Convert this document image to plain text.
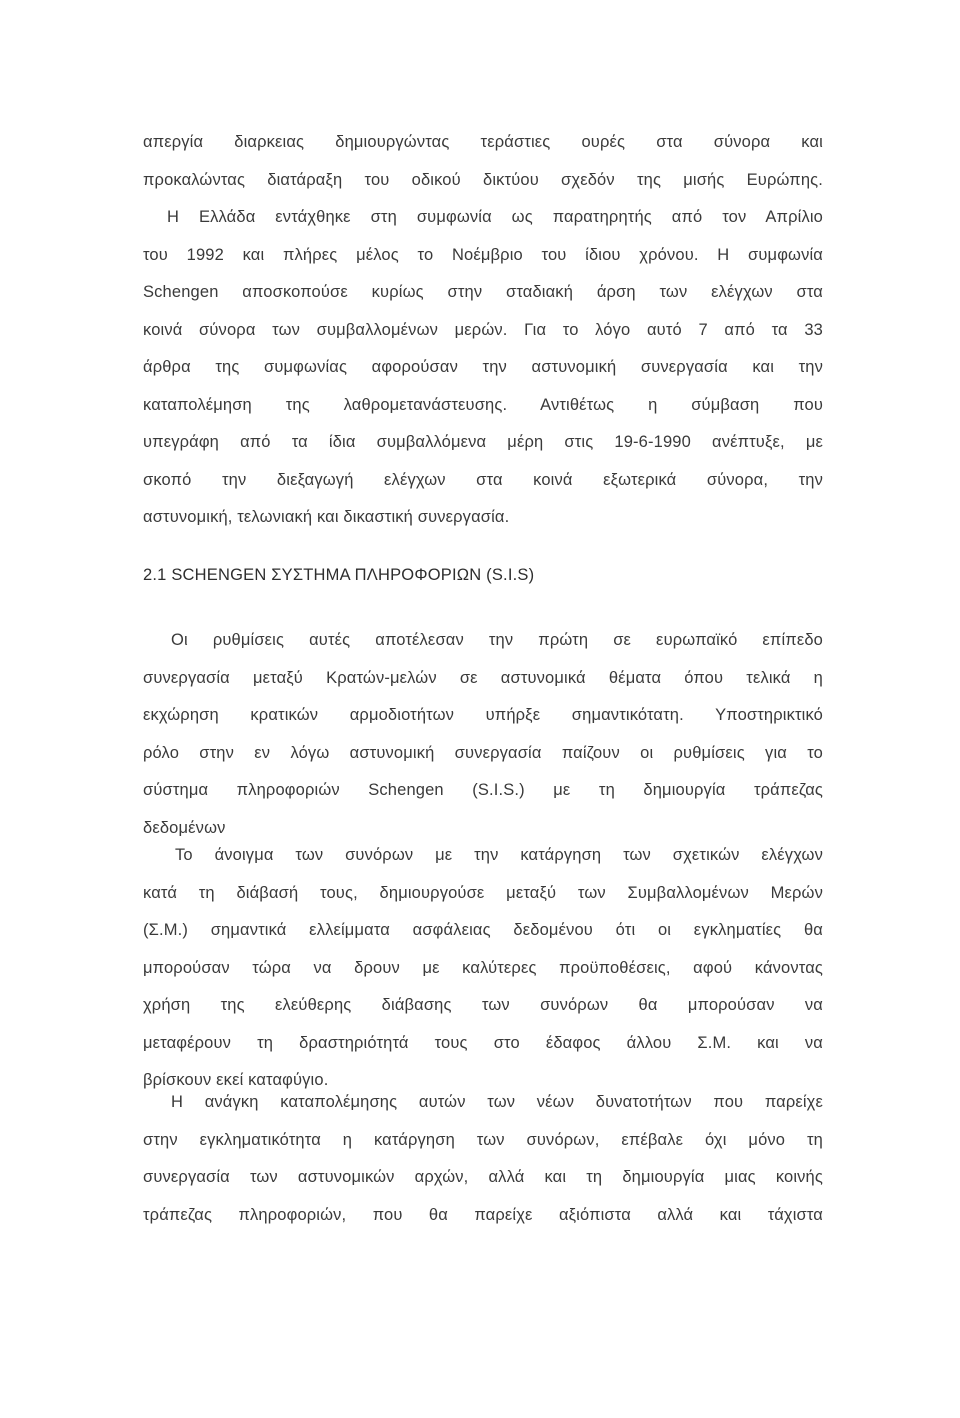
απεργία διαρκειας δημιουργώντας τεράστιες ουρές στα σύνορα και
προκαλώντας διατάραξη του οδικού δικτύου σχεδόν της μισής Ευρώπης.
Η Ελλάδα εντάχθηκε στη συμφωνία ως παρατηρητής από τον Απρίλιο
του 1992 και πλήρες μέλος το Νοέμβριο του ίδιου χρόνου. Η συμφωνία
Schengen αποσκοπούσε κυρίως στην σταδιακή άρση των ελέγχων στα
κοινά σύνορα των συμβαλλομένων μερών. Για το λόγο αυτό 7 από τα 33
άρθρα της συμφωνίας αφορούσαν την αστυνομική συνεργασία και την
καταπολέμηση της λαθρομετανάστευσης. Αντιθέτως η σύμβαση που
υπεγράφη από τα ίδια συμβαλλόμενα μέρη στις 19-6-1990 ανέπτυξε, με
σκοπό την διεξαγωγή ελέγχων στα κοινά εξωτερικά σύνορα, την
αστυνομική, τελωνιακή και δικαστική συνεργασία.
2.1 SCHENGEN ΣΥΣΤΗΜΑ ΠΛΗΡΟΦΟΡΙΩΝ (S.I.S)
Οι ρυθμίσεις αυτές αποτέλεσαν την πρώτη σε ευρωπαϊκό επίπεδο
συνεργασία μεταξύ Κρατών-μελών σε αστυνομικά θέματα όπου τελικά η
εκχώρηση κρατικών αρμοδιοτήτων υπήρξε σημαντικότατη. Υποστηρικτικό
ρόλο στην εν λόγω αστυνομική συνεργασία παίζουν οι ρυθμίσεις για το
σύστημα πληροφοριών Schengen (S.I.S.) με τη δημιουργία τράπεζας
δεδομένων
Το άνοιγμα των συνόρων με την κατάργηση των σχετικών ελέγχων
κατά τη διάβασή τους, δημιουργούσε μεταξύ των Συμβαλλομένων Μερών
(Σ.Μ.) σημαντικά ελλείμματα ασφάλειας δεδομένου ότι οι εγκληματίες θα
μπορούσαν τώρα να δρουν με καλύτερες προϋποθέσεις, αφού κάνοντας
χρήση της ελεύθερης διάβασης των συνόρων θα μπορούσαν να
μεταφέρουν τη δραστηριότητά τους στο έδαφος άλλου Σ.Μ. και να
βρίσκουν εκεί καταφύγιο.
Η ανάγκη καταπολέμησης αυτών των νέων δυνατοτήτων που παρείχε
στην εγκληματικότητα η κατάργηση των συνόρων, επέβαλε όχι μόνο τη
συνεργασία των αστυνομικών αρχών, αλλά και τη δημιουργία μιας κοινής
τράπεζας πληροφοριών, που θα παρείχε αξιόπιστα αλλά και τάχιστα
